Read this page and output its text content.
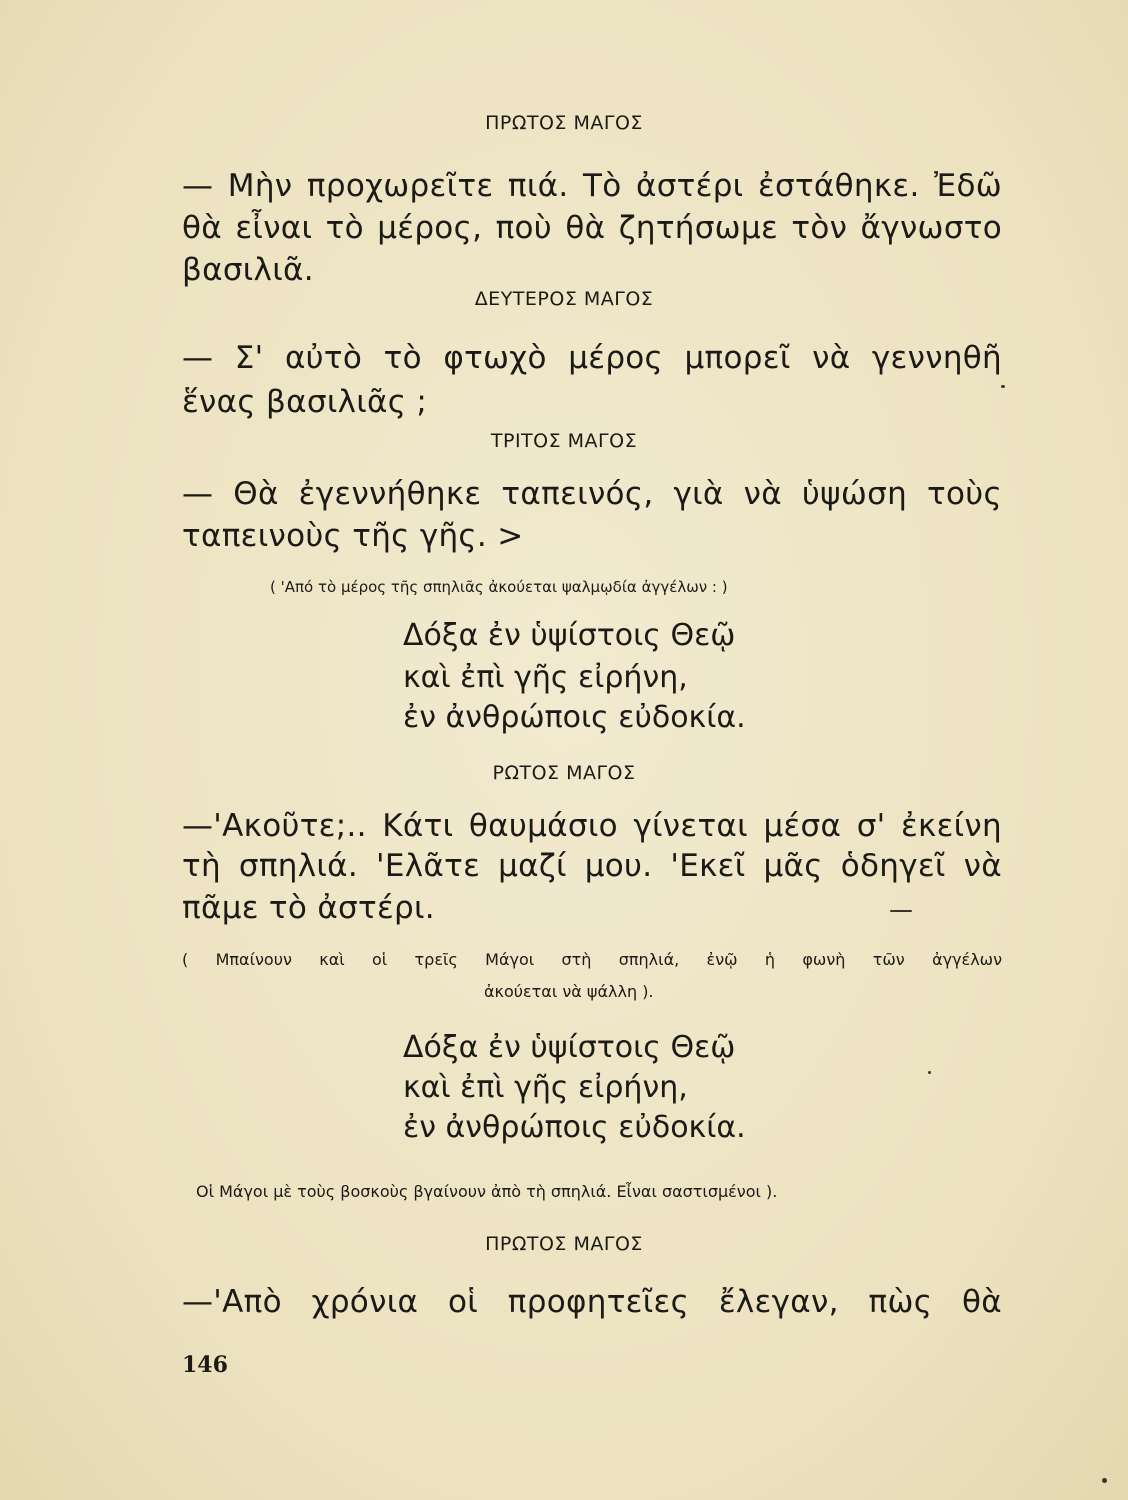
ΠΡΩΤΟΣ ΜΑΓΟΣ
— Μὴν προχωρεῖτε πιά. Τὸ ἀστέρι ἐστάθηκε. Ἐδῶ
θὰ εἶναι τὸ μέρος, ποὺ θὰ ζητήσωμε τὸν ἄγνωστο
βασιλιᾶ.
ΔΕΥΤΕΡΟΣ ΜΑΓΟΣ
— Σ' αὐτὸ τὸ φτωχὸ μέρος μπορεῖ νὰ γεννηθῆ
ἕνας βασιλιᾶς ;
ΤΡΙΤΟΣ ΜΑΓΟΣ
— Θὰ ἐγεννήθηκε ταπεινός, γιὰ νὰ ὑψώση τοὺς
ταπεινοὺς τῆς γῆς. >
( 'Από τὸ μέρος τῆς σπηλιᾶς ἀκούεται ψαλμῳδία ἀγγέλων : )
Δόξα ἐν ὑψίστοις Θεῷ
καὶ ἐπὶ γῆς εἰρήνη,
ἐν ἀνθρώποις εὐδοκία.
ΡΩΤΟΣ ΜΑΓΟΣ
—'Ακοῦτε;.. Κάτι θαυμάσιο γίνεται μέσα σ' ἐκείνη
τὴ σπηλιά. 'Ελᾶτε μαζί μου. 'Εκεῖ μᾶς ὁδηγεῖ νὰ
πᾶμε τὸ ἀστέρι.
( Μπαίνουν καὶ οἱ τρεῖς Μάγοι στὴ σπηλιά, ἐνῷ ἡ φωνὴ τῶν ἀγγέλων
ἀκούεται νὰ ψάλλη ).
Δόξα ἐν ὑψίστοις Θεῷ
καὶ ἐπὶ γῆς εἰρήνη,
ἐν ἀνθρώποις εὐδοκία.
Οἱ Μάγοι μὲ τοὺς βοσκοὺς βγαίνουν ἀπὸ τὴ σπηλιά. Εἶναι σαστισμένοι ).
ΠΡΩΤΟΣ ΜΑΓΟΣ
—'Απὸ χρόνια οἱ προφητεῖες ἔλεγαν, πὼς θὰ
146
